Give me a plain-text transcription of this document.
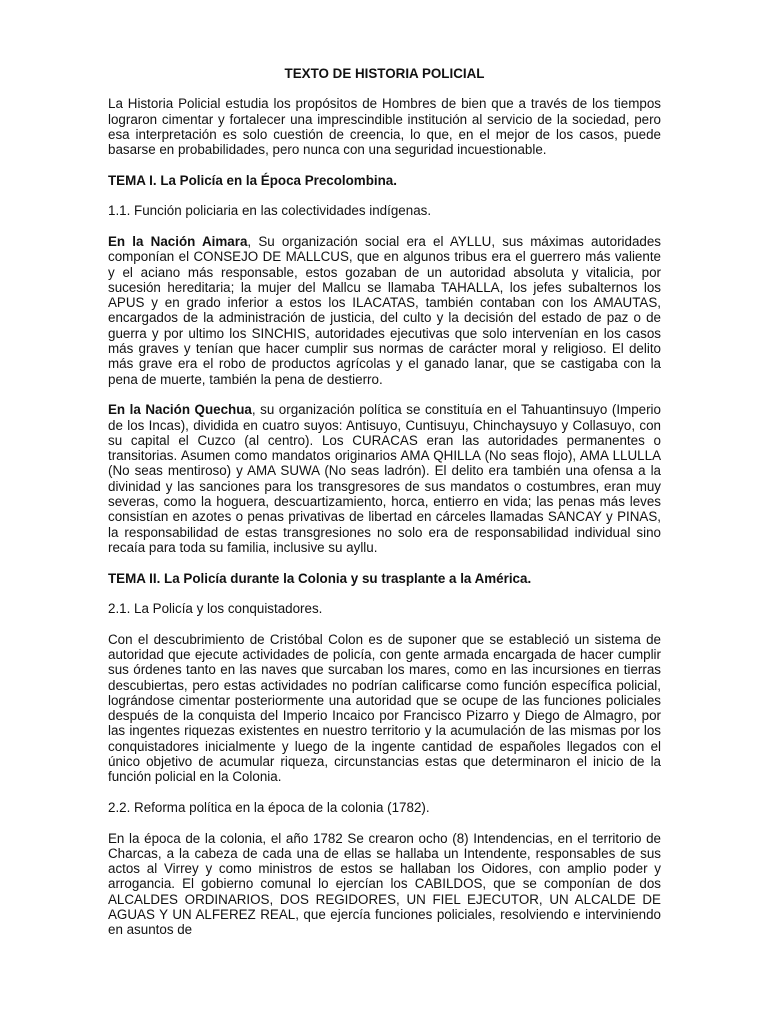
TEXTO DE HISTORIA POLICIAL

La Historia Policial estudia los propósitos de Hombres de bien que a través de los tiempos lograron cimentar y fortalecer una imprescindible institución al servicio de la sociedad, pero esa interpretación es solo cuestión de creencia, lo que, en el mejor de los casos, puede basarse en probabilidades, pero nunca con una seguridad incuestionable.

TEMA I. La Policía en la Época Precolombina.

1.1. Función policiaria en las colectividades indígenas.

En la Nación Aimara, Su organización social era el AYLLU, sus máximas autoridades componían el CONSEJO DE MALLCUS, que en algunos tribus era el guerrero más valiente y el aciano más responsable, estos gozaban de un autoridad absoluta y vitalicia, por sucesión hereditaria; la mujer del Mallcu se llamaba TAHALLA, los jefes subalternos los APUS y en grado inferior a estos los ILACATAS, también contaban con los AMAUTAS, encargados de la administración de justicia, del culto y la decisión del estado de paz o de guerra y por ultimo los SINCHIS, autoridades ejecutivas que solo intervenían en los casos más graves y tenían que hacer cumplir sus normas de carácter moral y religioso. El delito más grave era el robo de productos agrícolas y el ganado lanar, que se castigaba con la pena de muerte, también la pena de destierro.

En la Nación Quechua, su organización política se constituía en el Tahuantinsuyo (Imperio de los Incas), dividida en cuatro suyos: Antisuyo, Cuntisuyu, Chinchaysuyo y Collasuyo, con su capital el Cuzco (al centro). Los CURACAS eran las autoridades permanentes o transitorias. Asumen como mandatos originarios AMA QHILLA (No seas flojo), AMA LLULLA (No seas mentiroso) y AMA SUWA (No seas ladrón). El delito era también una ofensa a la divinidad y las sanciones para los transgresores de sus mandatos o costumbres, eran muy severas, como la hoguera, descuartizamiento, horca, entierro en vida; las penas más leves consistían en azotes o penas privativas de libertad en cárceles llamadas SANCAY y PINAS, la responsabilidad de estas transgresiones no solo era de responsabilidad individual sino recaía para toda su familia, inclusive su ayllu.

TEMA II. La Policía durante la Colonia y su trasplante a la América.

2.1. La Policía y los conquistadores.

Con el descubrimiento de Cristóbal Colon es de suponer que se estableció un sistema de autoridad que ejecute actividades de policía, con gente armada encargada de hacer cumplir sus órdenes tanto en las naves que surcaban los mares, como en las incursiones en tierras descubiertas, pero estas actividades no podrían calificarse como función específica policial, lográndose cimentar posteriormente una autoridad que se ocupe de las funciones policiales después de la conquista del Imperio Incaico por Francisco Pizarro y Diego de Almagro, por las ingentes riquezas existentes en nuestro territorio y la acumulación de las mismas por los conquistadores inicialmente y luego de la ingente cantidad de españoles llegados con el único objetivo de acumular riqueza, circunstancias estas que determinaron el inicio de la función policial en la Colonia.

2.2. Reforma política en la época de la colonia (1782).

En la época de la colonia, el año 1782 Se crearon ocho (8) Intendencias, en el territorio de Charcas, a la cabeza de cada una de ellas se hallaba un Intendente, responsables de sus actos al Virrey y como ministros de estos se hallaban los Oidores, con amplio poder y arrogancia. El gobierno comunal lo ejercían los CABILDOS, que se componían de dos ALCALDES ORDINARIOS, DOS REGIDORES, UN FIEL EJECUTOR, UN ALCALDE DE AGUAS Y UN ALFEREZ REAL, que ejercía funciones policiales, resolviendo e interviniendo en asuntos de
